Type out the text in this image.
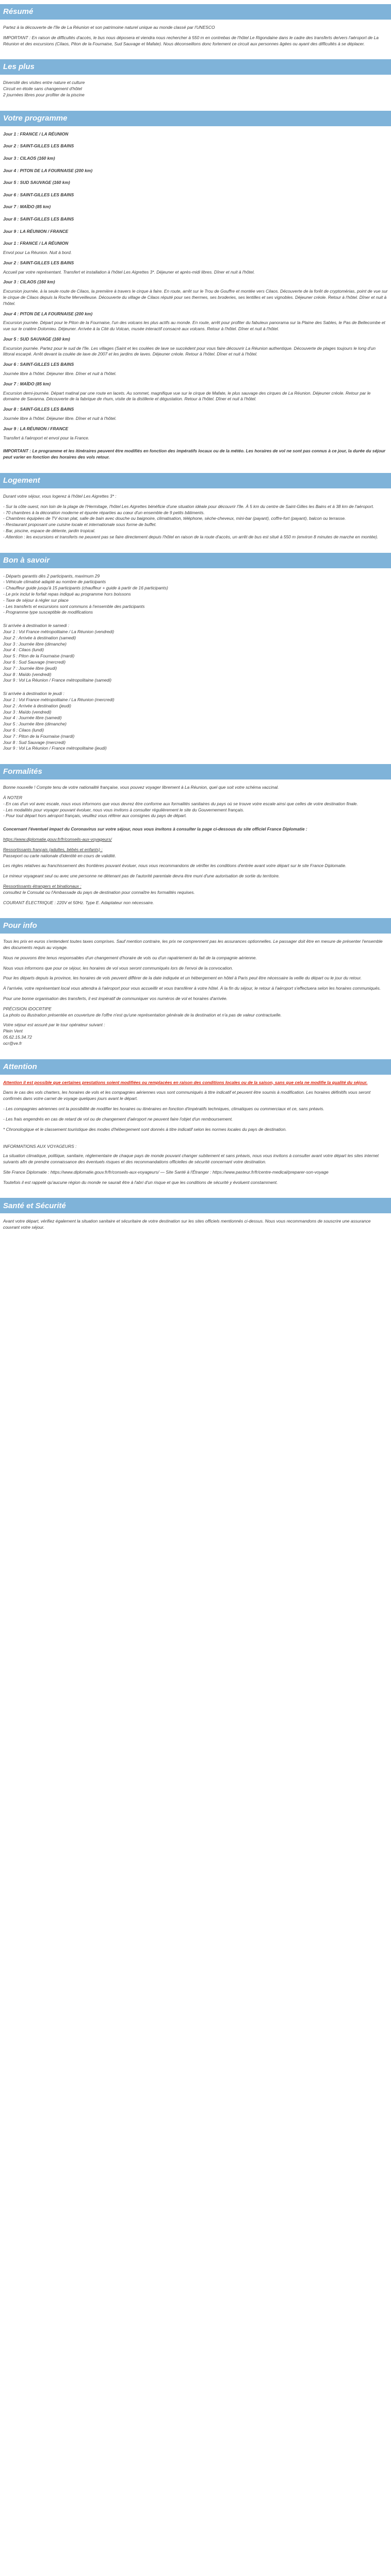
Résumé

Partez à la découverte de l'île de La Réunion et son patrimoine naturel unique au monde classé par l'UNESCO

IMPORTANT : En raison de difficultés d'accès, le bus nous déposera et viendra nous rechercher à 550 m en contrebas de l'hôtel Le Rigondaine dans le cadre des transferts de/vers l'aéroport de La Réunion et des excursions (Cilaos, Piton de la Fournaise, Sud Sauvage et Mafate). Nous déconseillons donc fortement ce circuit aux personnes âgées ou ayant des difficultés à se déplacer.

Les plus
Diversité des visites entre nature et culture
Circuit en étoile sans changement d'hôtel
2 journées libres pour profiter de la piscine
Votre programme
Jour 1 : FRANCE / LA RÉUNION
Jour 2 : SAINT-GILLES LES BAINS
Jour 3 : CILAOS (160 km)
Jour 4 : PITON DE LA FOURNAISE (200 km)
Jour 5 : SUD SAUVAGE (160 km)
Jour 6 : SAINT-GILLES LES BAINS
Jour 7 : MAÏDO (85 km)
Jour 8 : SAINT-GILLES LES BAINS
Jour 9 : LA RÉUNION / FRANCE
Jour 1 : FRANCE / LA RÉUNION

Envol pour La Réunion. Nuit à bord.

Jour 2 : SAINT-GILLES LES BAINS

Accueil par votre représentant. Transfert et installation à l'hôtel Les Aigrettes 3*. Déjeuner et après-midi libres. Dîner et nuit à l'hôtel.

Jour 3 : CILAOS (160 km)

Excursion journée, à la seule route de Cilaos, la première à travers le cirque à faire. En route, arrêt sur le Trou de Gouffre et montée vers Cilaos. Découverte de la forêt de cryptomérias, point de vue sur le cirque de Cilaos depuis la Roche Merveilleuse. Découverte du village de Cilaos réputé pour ses thermes, ses broderies, ses lentilles et ses vignobles. Déjeuner créole. Retour à l'hôtel. Dîner et nuit à l'hôtel.

Jour 4 : PITON DE LA FOURNAISE (200 km)

Excursion journée. Départ pour le Piton de la Fournaise, l'un des volcans les plus actifs au monde. En route, arrêt pour profiter du fabuleux panorama sur la Plaine des Sables, le Pas de Bellecombe et vue sur le cratère Dolomieu. Déjeuner. Arrivée à la Cité du Volcan, musée interactif consacré aux volcans. Retour à l'hôtel. Dîner et nuit à l'hôtel.

Jour 5 : SUD SAUVAGE (160 km)

Excursion journée. Partez pour le sud de l'île. Les villages (Saint et les coulées de lave se succèdent pour vous faire découvrir La Réunion authentique. Découverte de plages toujours le long d'un littoral escarpé. Arrêt devant la coulée de lave de 2007 et les jardins de laves. Déjeuner créole. Retour à l'hôtel. Dîner et nuit à l'hôtel.

Jour 6 : SAINT-GILLES LES BAINS

Journée libre à l'hôtel. Déjeuner libre. Dîner et nuit à l'hôtel.

Jour 7 : MAÏDO (85 km)

Excursion demi-journée. Départ matinal par une route en lacets. Au sommet, magnifique vue sur le cirque de Mafate, le plus sauvage des cirques de La Réunion. Déjeuner créole. Retour par le domaine de Savanna. Découverte de la fabrique de rhum, visite de la distillerie et dégustation. Retour à l'hôtel. Dîner et nuit à l'hôtel.

Jour 8 : SAINT-GILLES LES BAINS

Journée libre à l'hôtel. Déjeuner libre. Dîner et nuit à l'hôtel.

Jour 9 : LA RÉUNION / FRANCE

Transfert à l'aéroport et envol pour la France.

IMPORTANT : Le programme et les itinéraires peuvent être modifiés en fonction des impératifs locaux ou de la météo. Les horaires de vol ne sont pas connus à ce jour, la durée du séjour peut varier en fonction des horaires des vols retour.

Logement

Durant votre séjour, vous logerez à l'hôtel Les Aigrettes 3* :

- Sur la côte ouest, non loin de la plage de l'Hermitage, l'hôtel Les Aigrettes bénéficie d'une situation idéale pour découvrir l'île. À 5 km du centre de Saint-Gilles les Bains et à 38 km de l'aéroport.
- 70 chambres à la décoration moderne et épurée réparties au cœur d'un ensemble de 9 petits bâtiments.
- Chambres équipées de TV écran plat, salle de bain avec douche ou baignoire, climatisation, téléphone, sèche-cheveux, mini-bar (payant), coffre-fort (payant), balcon ou terrasse.
- Restaurant proposant une cuisine locale et internationale sous forme de buffet.
- Bar, piscine, espace de détente, jardin tropical.
- Attention : les excursions et transferts ne peuvent pas se faire directement depuis l'hôtel en raison de la route d'accès, un arrêt de bus est situé à 550 m (environ 8 minutes de marche en montée).
Bon à savoir
- Départs garantis dès 2 participants, maximum 29
- Véhicule climatisé adapté au nombre de participants
- Chauffeur guide jusqu'à 15 participants (chauffeur + guide à partir de 16 participants)
- Le prix inclut le forfait repas indiqué au programme hors boissons
- Taxe de séjour à régler sur place
- Les transferts et excursions sont communs à l'ensemble des participants
- Programme type susceptible de modifications
Si arrivée à destination le samedi :
Jour 1 : Vol France métropolitaine / La Réunion (vendredi)
Jour 2 : Arrivée à destination (samedi)
Jour 3 : Journée libre (dimanche)
Jour 4 : Cilaos (lundi)
Jour 5 : Piton de la Fournaise (mardi)
Jour 6 : Sud Sauvage (mercredi)
Jour 7 : Journée libre (jeudi)
Jour 8 : Maïdo (vendredi)
Jour 9 : Vol La Réunion / France métropolitaine (samedi)
Si arrivée à destination le jeudi :
Jour 1 : Vol France métropolitaine / La Réunion (mercredi)
Jour 2 : Arrivée à destination (jeudi)
Jour 3 : Maïdo (vendredi)
Jour 4 : Journée libre (samedi)
Jour 5 : Journée libre (dimanche)
Jour 6 : Cilaos (lundi)
Jour 7 : Piton de la Fournaise (mardi)
Jour 8 : Sud Sauvage (mercredi)
Jour 9 : Vol La Réunion / France métropolitaine (jeudi)
Formalités

Bonne nouvelle ! Compte tenu de votre nationalité française, vous pouvez voyager librement à La Réunion, quel que soit votre schéma vaccinal.

À NOTER
- En cas d'un vol avec escale, nous vous informons que vous devrez être conforme aux formalités sanitaires du pays où se trouve votre escale ainsi que celles de votre destination finale.
- Les modalités pour voyager pouvant évoluer, nous vous invitons à consulter régulièrement le site du Gouvernement français.
- Pour tout départ hors aéroport français, veuillez vous référer aux consignes du pays de départ.

Concernant l'éventuel impact du Coronavirus sur votre séjour, nous vous invitons à consulter la page ci-dessous du site officiel France Diplomatie :

https://www.diplomatie.gouv.fr/fr/conseils-aux-voyageurs/

Ressortissants français (adultes, bébés et enfants) :

Passeport ou carte nationale d'identité en cours de validité.

Les règles relatives au franchissement des frontières pouvant évoluer, nous vous recommandons de vérifier les conditions d'entrée avant votre départ sur le site France Diplomatie.

Le mineur voyageant seul ou avec une personne ne détenant pas de l'autorité parentale devra être muni d'une autorisation de sortie du territoire.

Ressortissants étrangers et binationaux :

consultez le Consulat ou l'Ambassade du pays de destination pour connaître les formalités requises.

COURANT ÉLECTRIQUE : 220V et 50Hz. Type E. Adaptateur non nécessaire.

Pour info

Tous les prix en euros s'entendent toutes taxes comprises. Sauf mention contraire, les prix ne comprennent pas les assurances optionnelles. Le passager doit être en mesure de présenter l'ensemble des documents requis au voyage.

Nous ne pouvons être tenus responsables d'un changement d'horaire de vols ou d'un rapatriement du fait de la compagnie aérienne.

Nous vous informons que pour ce séjour, les horaires de vol vous seront communiqués lors de l'envoi de la convocation.

Pour les départs depuis la province, les horaires de vols peuvent différer de la date indiquée et un hébergement en hôtel à Paris peut être nécessaire la veille du départ ou le jour du retour.

À l'arrivée, votre représentant local vous attendra à l'aéroport pour vous accueillir et vous transférer à votre hôtel. À la fin du séjour, le retour à l'aéroport s'effectuera selon les horaires communiqués.

Pour une bonne organisation des transferts, il est impératif de communiquer vos numéros de vol et horaires d'arrivée.

PRÉCISION IDOCRTIPE

La photo ou illustration présentée en couverture de l'offre n'est qu'une représentation générale de la destination et n'a pas de valeur contractuelle.

Votre séjour est assuré par le tour opérateur suivant :
Plein Vent
05.62.15.34.72
ocr@ve.fr
Attention

Attention il est possible que certaines prestations soient modifiées ou remplacées en raison des conditions locales ou de la saison, sans que cela ne modifie la qualité du séjour.

Dans le cas des vols charters, les horaires de vols et les compagnies aériennes vous sont communiqués à titre indicatif et peuvent être soumis à modification. Les horaires définitifs vous seront confirmés dans votre carnet de voyage quelques jours avant le départ.

- Les compagnies aériennes ont la possibilité de modifier les horaires ou itinéraires en fonction d'impératifs techniques, climatiques ou commerciaux et ce, sans préavis.

- Les frais engendrés en cas de retard de vol ou de changement d'aéroport ne peuvent faire l'objet d'un remboursement.

* Chronologique et le classement touristique des modes d'hébergement sont donnés à titre indicatif selon les normes locales du pays de destination.

INFORMATIONS AUX VOYAGEURS :

La situation climatique, politique, sanitaire, réglementaire de chaque pays de monde pouvant changer subitement et sans préavis, nous vous invitons à consulter avant votre départ les sites internet suivants afin de prendre connaissance des éventuels risques et des recommandations officielles de sécurité concernant votre destination.

Site France Diplomatie : https://www.diplomatie.gouv.fr/fr/conseils-aux-voyageurs/ — Site Santé à l'Étranger : https://www.pasteur.fr/fr/centre-medical/preparer-son-voyage

Toutefois il est rappelé qu'aucune région du monde ne saurait être à l'abri d'un risque et que les conditions de sécurité y évoluent constamment.

Santé et Sécurité

Avant votre départ, vérifiez également la situation sanitaire et sécuritaire de votre destination sur les sites officiels mentionnés ci-dessus. Nous vous recommandons de souscrire une assurance couvrant votre séjour.
